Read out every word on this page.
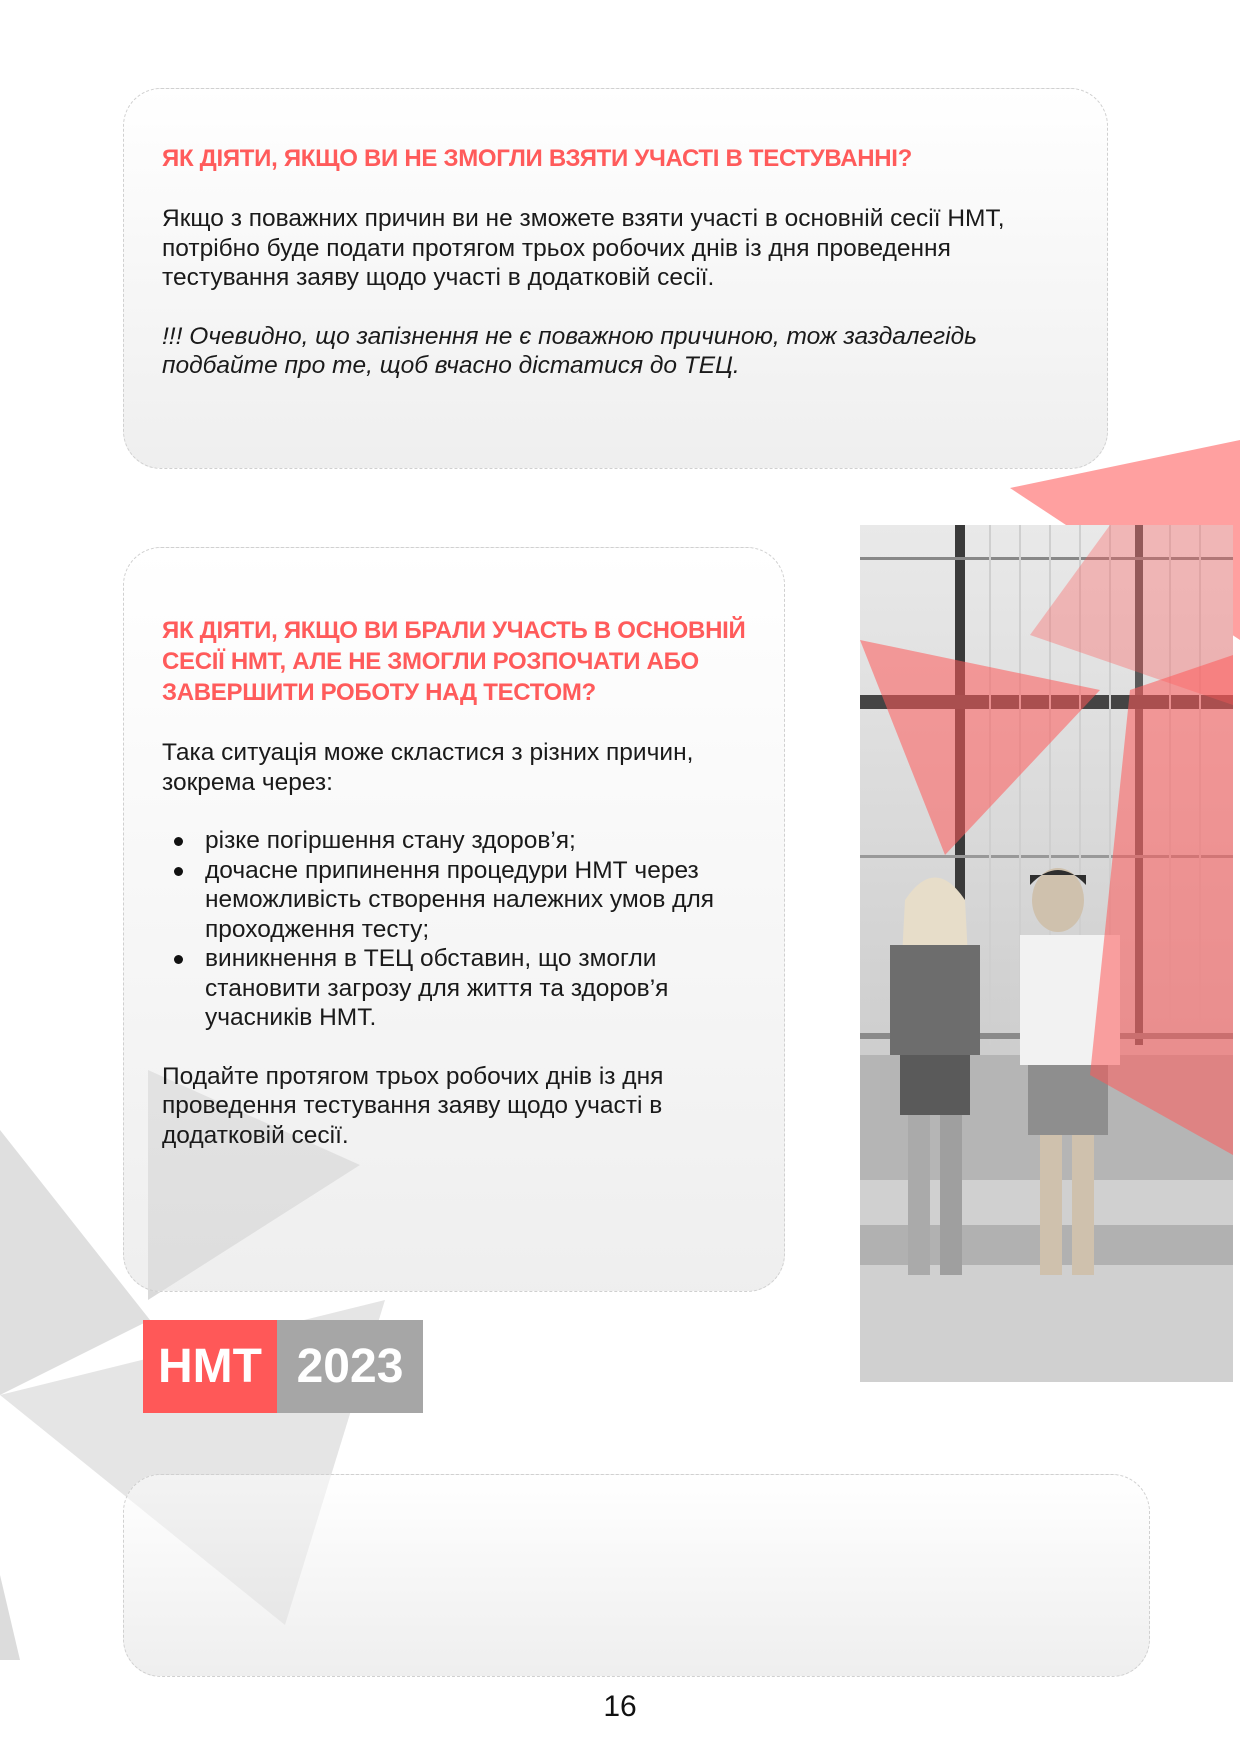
ЯК ДІЯТИ, ЯКЩО ВИ НЕ ЗМОГЛИ ВЗЯТИ УЧАСТІ В ТЕСТУВАННІ?

Якщо з поважних причин ви не зможете взяти участі в основній сесії НМТ, потрібно буде подати протягом трьох робочих днів із дня проведення тестування заяву щодо участі в додатковій сесії.

!!! Очевидно, що запізнення не є поважною причиною, тож заздалегідь подбайте про те, щоб вчасно дістатися до ТЕЦ.

ЯК ДІЯТИ, ЯКЩО ВИ БРАЛИ УЧАСТЬ В ОСНОВНІЙ СЕСІЇ НМТ, АЛЕ НЕ ЗМОГЛИ РОЗПОЧАТИ АБО ЗАВЕРШИТИ РОБОТУ НАД ТЕСТОМ?

Така ситуація може скластися з різних причин, зокрема через:

різке погіршення стану здоров’я;
дочасне припинення процедури НМТ через неможливість створення належних умов для проходження тесту;
виникнення в ТЕЦ обставин, що змогли становити загрозу для життя та здоров’я учасників НМТ.

Подайте протягом трьох робочих днів із дня проведення тестування заяву щодо участі в додатковій сесії.

НМТ 2023
16
